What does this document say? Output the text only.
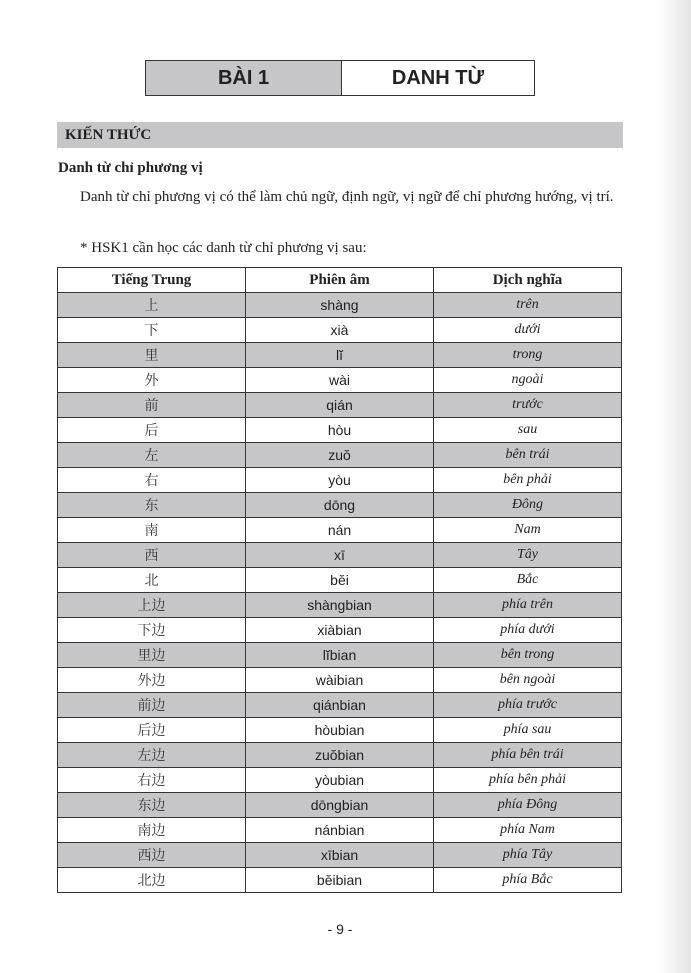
BÀI 1	DANH TỪ
KIẾN THỨC
Danh từ chỉ phương vị
Danh từ chỉ phương vị có thể làm chủ ngữ, định ngữ, vị ngữ để chỉ phương hướng, vị trí.
* HSK1 cần học các danh từ chỉ phương vị sau:
Tiếng Trung	Phiên âm	Dịch nghĩa
上	shàng	trên
下	xià	dưới
里	lĭ	trong
外	wài	ngoài
前	qián	trước
后	hòu	sau
左	zuŏ	bên trái
右	yòu	bên phải
东	dōng	Đông
南	nán	Nam
西	xī	Tây
北	bĕi	Bắc
上边	shàngbian	phía trên
下边	xiàbian	phía dưới
里边	lĭbian	bên trong
外边	wàibian	bên ngoài
前边	qiánbian	phía trước
后边	hòubian	phía sau
左边	zuŏbian	phía bên trái
右边	yòubian	phía bên phải
东边	dōngbian	phía Đông
南边	nánbian	phía Nam
西边	xībian	phía Tây
北边	bĕibian	phía Bắc
- 9 -
